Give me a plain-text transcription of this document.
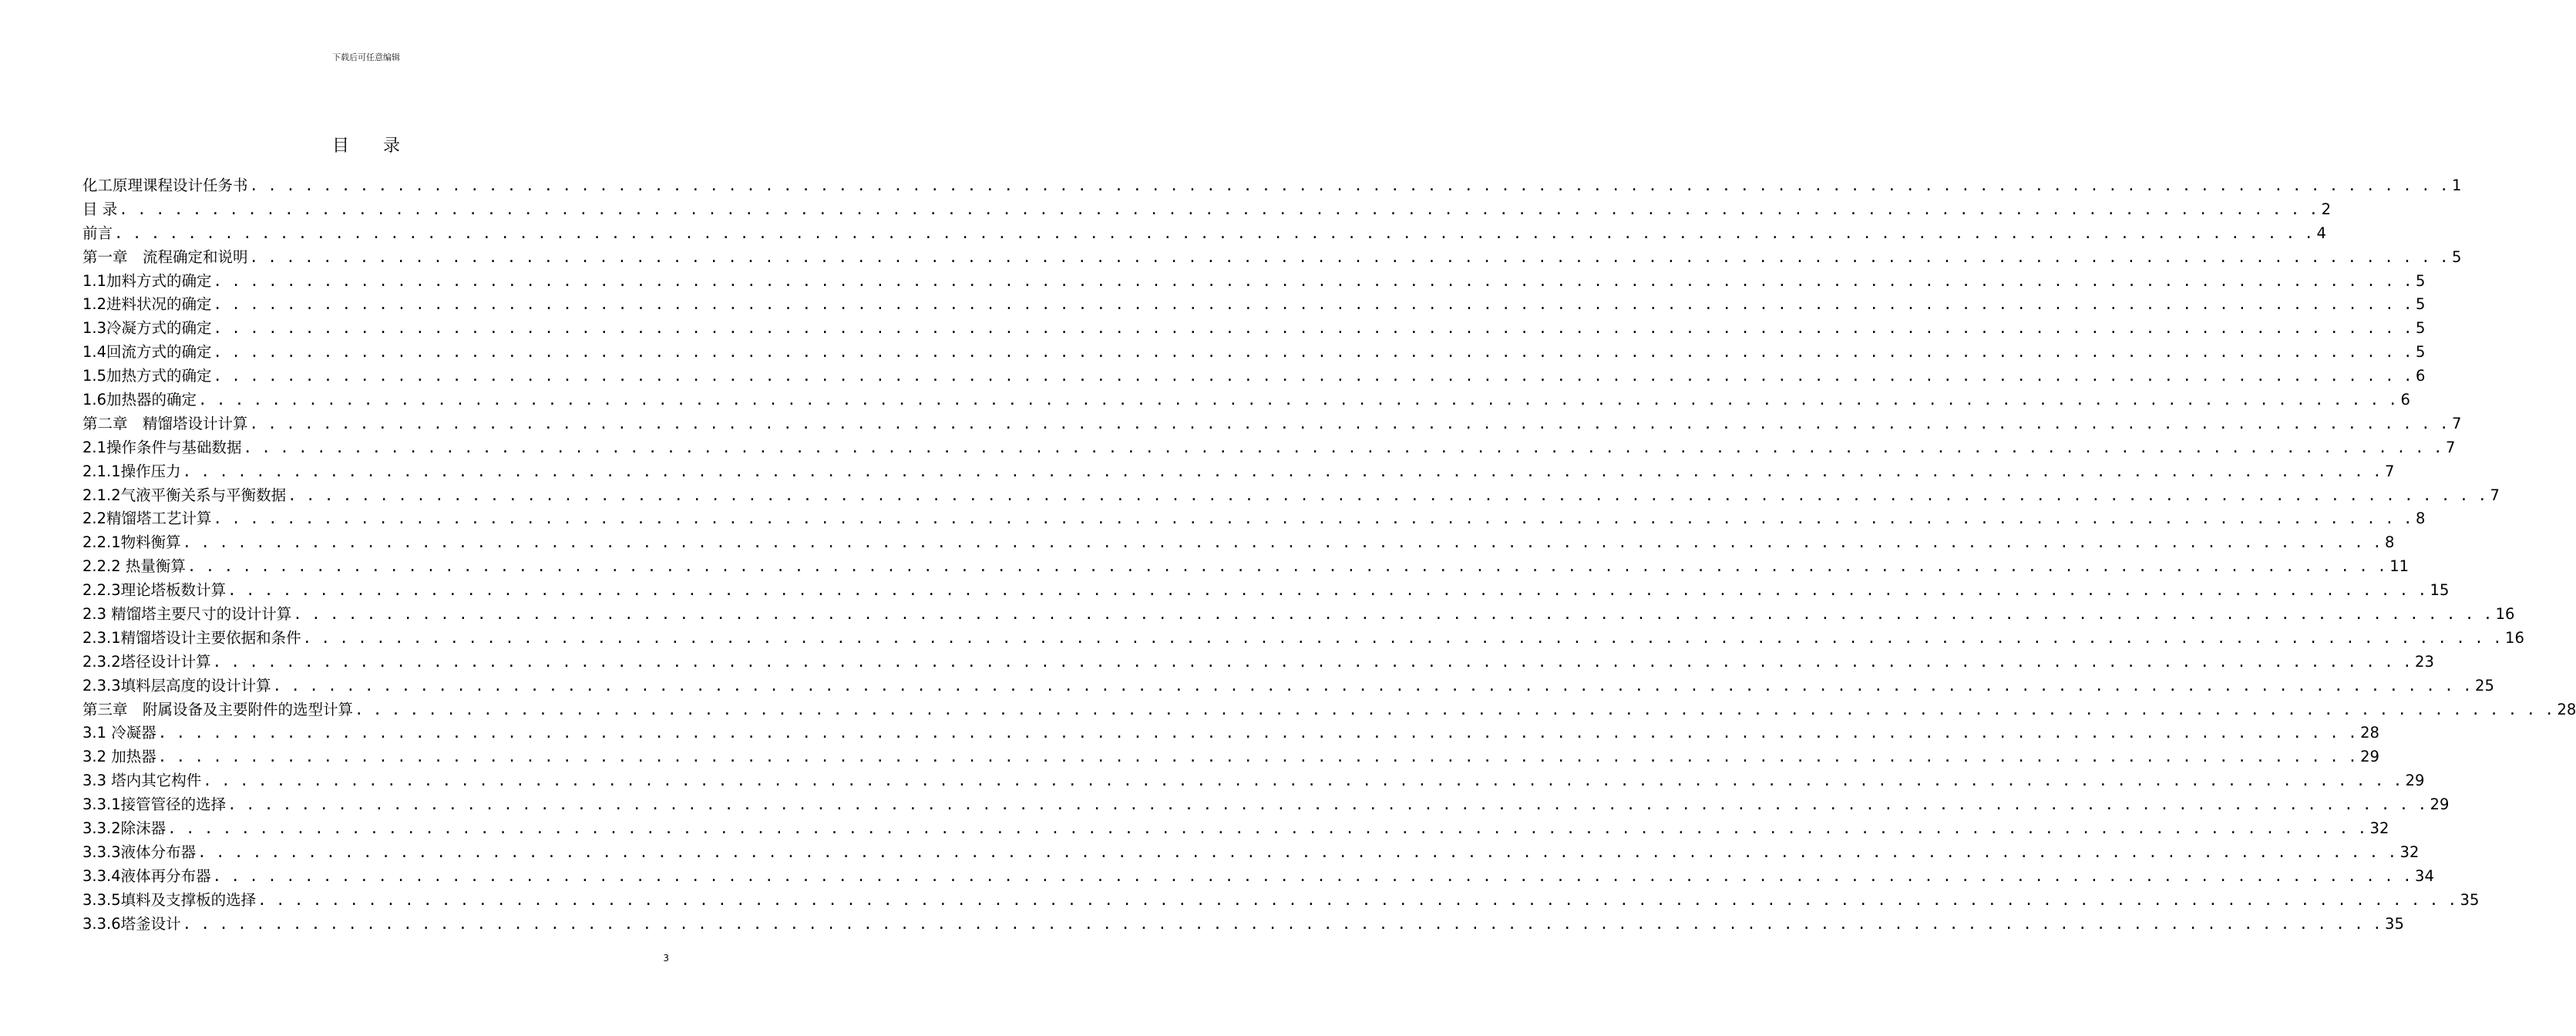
下载后可任意编辑
目 录
化工原理课程设计任务书 . . . . . . . . . . . . . . . . . . . . . . . . . . . . . . . . . . . . . . . . . . . . . . . . . . . . . . . . . . . . . . . . . . . . . . . . . . . . . . . . . . . . . . . . . . . . . . . . . . . . . . . . . . . . . . . . . . . . . . . . 1
目 录 . . . . . . . . . . . . . . . . . . . . . . . . . . . . . . . . . . . . . . . . . . . . . . . . . . . . . . . . . . . . . . . . . . . . . . . . . . . . . . . . . . . . . . . . . . . . . . . . . . . . . . . . . . . . . . . . . . . . . . . . 2
前言 . . . . . . . . . . . . . . . . . . . . . . . . . . . . . . . . . . . . . . . . . . . . . . . . . . . . . . . . . . . . . . . . . . . . . . . . . . . . . . . . . . . . . . . . . . . . . . . . . . . . . . . . . . . . . . . . . . . . . . . . 4
第一章　流程确定和说明 . . . . . . . . . . . . . . . . . . . . . . . . . . . . . . . . . . . . . . . . . . . . . . . . . . . . . . . . . . . . . . . . . . . . . . . . . . . . . . . . . . . . . . . . . . . . . . . . . . . . . . . . . . . . . . . . . . . . . . . . 5
1.1加料方式的确定 . . . . . . . . . . . . . . . . . . . . . . . . . . . . . . . . . . . . . . . . . . . . . . . . . . . . . . . . . . . . . . . . . . . . . . . . . . . . . . . . . . . . . . . . . . . . . . . . . . . . . . . . . . . . . . . . . . . . . . . . 5
1.2进料状况的确定 . . . . . . . . . . . . . . . . . . . . . . . . . . . . . . . . . . . . . . . . . . . . . . . . . . . . . . . . . . . . . . . . . . . . . . . . . . . . . . . . . . . . . . . . . . . . . . . . . . . . . . . . . . . . . . . . . . . . . . . . 5
1.3冷凝方式的确定 . . . . . . . . . . . . . . . . . . . . . . . . . . . . . . . . . . . . . . . . . . . . . . . . . . . . . . . . . . . . . . . . . . . . . . . . . . . . . . . . . . . . . . . . . . . . . . . . . . . . . . . . . . . . . . . . . . . . . . . . 5
1.4回流方式的确定 . . . . . . . . . . . . . . . . . . . . . . . . . . . . . . . . . . . . . . . . . . . . . . . . . . . . . . . . . . . . . . . . . . . . . . . . . . . . . . . . . . . . . . . . . . . . . . . . . . . . . . . . . . . . . . . . . . . . . . . . 5
1.5加热方式的确定 . . . . . . . . . . . . . . . . . . . . . . . . . . . . . . . . . . . . . . . . . . . . . . . . . . . . . . . . . . . . . . . . . . . . . . . . . . . . . . . . . . . . . . . . . . . . . . . . . . . . . . . . . . . . . . . . . . . . . . . . 6
1.6加热器的确定 . . . . . . . . . . . . . . . . . . . . . . . . . . . . . . . . . . . . . . . . . . . . . . . . . . . . . . . . . . . . . . . . . . . . . . . . . . . . . . . . . . . . . . . . . . . . . . . . . . . . . . . . . . . . . . . . . . . . . . . . 6
第二章　精馏塔设计计算 . . . . . . . . . . . . . . . . . . . . . . . . . . . . . . . . . . . . . . . . . . . . . . . . . . . . . . . . . . . . . . . . . . . . . . . . . . . . . . . . . . . . . . . . . . . . . . . . . . . . . . . . . . . . . . . . . . . . . . . . 7
2.1操作条件与基础数据 . . . . . . . . . . . . . . . . . . . . . . . . . . . . . . . . . . . . . . . . . . . . . . . . . . . . . . . . . . . . . . . . . . . . . . . . . . . . . . . . . . . . . . . . . . . . . . . . . . . . . . . . . . . . . . . . . . . . . . . . 7
2.1.1操作压力 . . . . . . . . . . . . . . . . . . . . . . . . . . . . . . . . . . . . . . . . . . . . . . . . . . . . . . . . . . . . . . . . . . . . . . . . . . . . . . . . . . . . . . . . . . . . . . . . . . . . . . . . . . . . . . . . . . . . . . . . 7
2.1.2气液平衡关系与平衡数据 . . . . . . . . . . . . . . . . . . . . . . . . . . . . . . . . . . . . . . . . . . . . . . . . . . . . . . . . . . . . . . . . . . . . . . . . . . . . . . . . . . . . . . . . . . . . . . . . . . . . . . . . . . . . . . . . . . . . . . . . 7
2.2精馏塔工艺计算 . . . . . . . . . . . . . . . . . . . . . . . . . . . . . . . . . . . . . . . . . . . . . . . . . . . . . . . . . . . . . . . . . . . . . . . . . . . . . . . . . . . . . . . . . . . . . . . . . . . . . . . . . . . . . . . . . . . . . . . . 8
2.2.1物料衡算 . . . . . . . . . . . . . . . . . . . . . . . . . . . . . . . . . . . . . . . . . . . . . . . . . . . . . . . . . . . . . . . . . . . . . . . . . . . . . . . . . . . . . . . . . . . . . . . . . . . . . . . . . . . . . . . . . . . . . . . . 8
2.2.2 热量衡算 . . . . . . . . . . . . . . . . . . . . . . . . . . . . . . . . . . . . . . . . . . . . . . . . . . . . . . . . . . . . . . . . . . . . . . . . . . . . . . . . . . . . . . . . . . . . . . . . . . . . . . . . . . . . . . . . . . . . . . . . 11
2.2.3理论塔板数计算 . . . . . . . . . . . . . . . . . . . . . . . . . . . . . . . . . . . . . . . . . . . . . . . . . . . . . . . . . . . . . . . . . . . . . . . . . . . . . . . . . . . . . . . . . . . . . . . . . . . . . . . . . . . . . . . . . . . . . . . . 15
2.3 精馏塔主要尺寸的设计计算 . . . . . . . . . . . . . . . . . . . . . . . . . . . . . . . . . . . . . . . . . . . . . . . . . . . . . . . . . . . . . . . . . . . . . . . . . . . . . . . . . . . . . . . . . . . . . . . . . . . . . . . . . . . . . . . . . . . . . . . . 16
2.3.1精馏塔设计主要依据和条件 . . . . . . . . . . . . . . . . . . . . . . . . . . . . . . . . . . . . . . . . . . . . . . . . . . . . . . . . . . . . . . . . . . . . . . . . . . . . . . . . . . . . . . . . . . . . . . . . . . . . . . . . . . . . . . . . . . . . . . . . 16
2.3.2塔径设计计算 . . . . . . . . . . . . . . . . . . . . . . . . . . . . . . . . . . . . . . . . . . . . . . . . . . . . . . . . . . . . . . . . . . . . . . . . . . . . . . . . . . . . . . . . . . . . . . . . . . . . . . . . . . . . . . . . . . . . . . . . 23
2.3.3填料层高度的设计计算 . . . . . . . . . . . . . . . . . . . . . . . . . . . . . . . . . . . . . . . . . . . . . . . . . . . . . . . . . . . . . . . . . . . . . . . . . . . . . . . . . . . . . . . . . . . . . . . . . . . . . . . . . . . . . . . . . . . . . . . . 25
第三章　附属设备及主要附件的选型计算 . . . . . . . . . . . . . . . . . . . . . . . . . . . . . . . . . . . . . . . . . . . . . . . . . . . . . . . . . . . . . . . . . . . . . . . . . . . . . . . . . . . . . . . . . . . . . . . . . . . . . . . . . . . . . . . . . . . . . . . . 28
3.1 冷凝器 . . . . . . . . . . . . . . . . . . . . . . . . . . . . . . . . . . . . . . . . . . . . . . . . . . . . . . . . . . . . . . . . . . . . . . . . . . . . . . . . . . . . . . . . . . . . . . . . . . . . . . . . . . . . . . . . . . . . . . . . 28
3.2 加热器 . . . . . . . . . . . . . . . . . . . . . . . . . . . . . . . . . . . . . . . . . . . . . . . . . . . . . . . . . . . . . . . . . . . . . . . . . . . . . . . . . . . . . . . . . . . . . . . . . . . . . . . . . . . . . . . . . . . . . . . . 29
3.3 塔内其它构件 . . . . . . . . . . . . . . . . . . . . . . . . . . . . . . . . . . . . . . . . . . . . . . . . . . . . . . . . . . . . . . . . . . . . . . . . . . . . . . . . . . . . . . . . . . . . . . . . . . . . . . . . . . . . . . . . . . . . . . . . 29
3.3.1接管管径的选择 . . . . . . . . . . . . . . . . . . . . . . . . . . . . . . . . . . . . . . . . . . . . . . . . . . . . . . . . . . . . . . . . . . . . . . . . . . . . . . . . . . . . . . . . . . . . . . . . . . . . . . . . . . . . . . . . . . . . . . . . 29
3.3.2除沫器 . . . . . . . . . . . . . . . . . . . . . . . . . . . . . . . . . . . . . . . . . . . . . . . . . . . . . . . . . . . . . . . . . . . . . . . . . . . . . . . . . . . . . . . . . . . . . . . . . . . . . . . . . . . . . . . . . . . . . . . . 32
3.3.3液体分布器 . . . . . . . . . . . . . . . . . . . . . . . . . . . . . . . . . . . . . . . . . . . . . . . . . . . . . . . . . . . . . . . . . . . . . . . . . . . . . . . . . . . . . . . . . . . . . . . . . . . . . . . . . . . . . . . . . . . . . . . . 32
3.3.4液体再分布器 . . . . . . . . . . . . . . . . . . . . . . . . . . . . . . . . . . . . . . . . . . . . . . . . . . . . . . . . . . . . . . . . . . . . . . . . . . . . . . . . . . . . . . . . . . . . . . . . . . . . . . . . . . . . . . . . . . . . . . . . 34
3.3.5填料及支撑板的选择 . . . . . . . . . . . . . . . . . . . . . . . . . . . . . . . . . . . . . . . . . . . . . . . . . . . . . . . . . . . . . . . . . . . . . . . . . . . . . . . . . . . . . . . . . . . . . . . . . . . . . . . . . . . . . . . . . . . . . . . . 35
3.3.6塔釜设计 . . . . . . . . . . . . . . . . . . . . . . . . . . . . . . . . . . . . . . . . . . . . . . . . . . . . . . . . . . . . . . . . . . . . . . . . . . . . . . . . . . . . . . . . . . . . . . . . . . . . . . . . . . . . . . . . . . . . . . . . 35
3
